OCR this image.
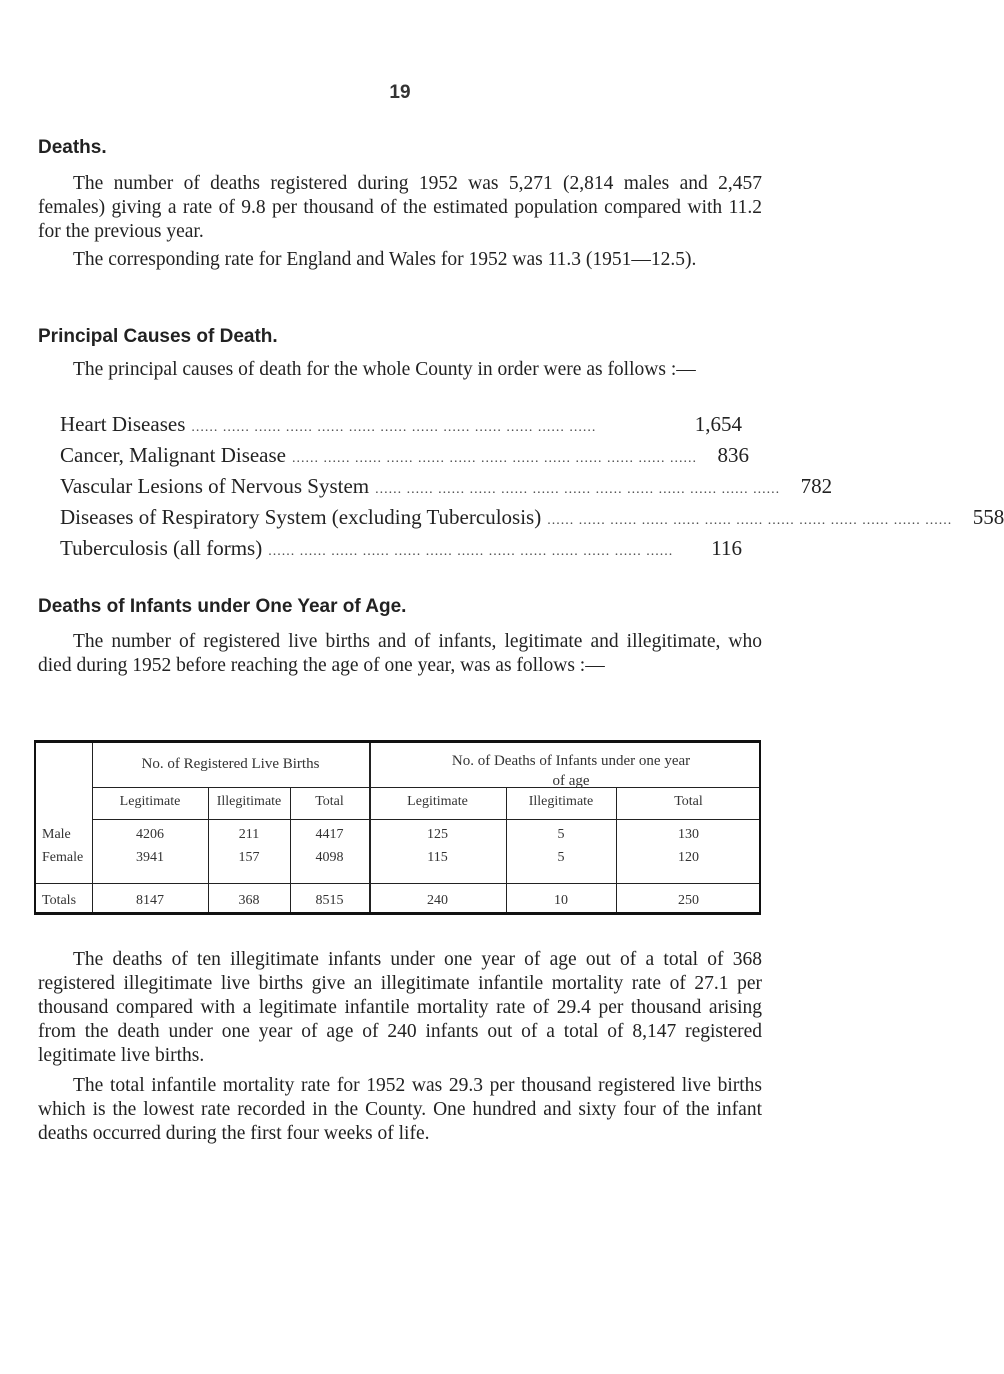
19
Deaths.
The number of deaths registered during 1952 was 5,271 (2,814 males and 2,457 females) giving a rate of 9.8 per thousand of the estimated population compared with 11.2 for the previous year.
The corresponding rate for England and Wales for 1952 was 11.3 (1951—12.5).
Principal Causes of Death.
The principal causes of death for the whole County in order were as follows :—
Heart Diseases ...... ...... ...... ...... ...... ...... ...... ...... ...... ...... ...... ...... ......	1,654
Cancer, Malignant Disease ...... ...... ...... ...... ...... ...... ...... ...... ...... ...... ...... ...... ...... 836
Vascular Lesions of Nervous System ...... ...... ...... ...... ...... ...... ...... ...... ...... ...... ...... ...... ...... 782
Diseases of Respiratory System (excluding Tuberculosis) ...... ...... ...... ...... ...... ...... ...... ...... ...... ...... ...... ...... ...... 558
Tuberculosis (all forms) ...... ...... ...... ...... ...... ...... ...... ...... ...... ...... ...... ...... ......	116
Deaths of Infants under One Year of Age.
The number of registered live births and of infants, legitimate and illegitimate, who died during 1952 before reaching the age of one year, was as follows :—
No. of Registered Live Births	No. of Deaths of Infants under one year of age
Legitimate	Illegitimate	Total	Legitimate	Illegitimate	Total
Male	4206	211	4417	125	5	130
Female	3941	157	4098	115	5	120
Totals	8147	368	8515	240	10	250
The deaths of ten illegitimate infants under one year of age out of a total of 368 registered illegitimate live births give an illegitimate infantile mortality rate of 27.1 per thousand compared with a legitimate infantile mortality rate of 29.4 per thousand arising from the death under one year of age of 240 infants out of a total of 8,147 registered legitimate live births.
The total infantile mortality rate for 1952 was 29.3 per thousand registered live births which is the lowest rate recorded in the County. One hundred and sixty four of the infant deaths occurred during the first four weeks of life.
